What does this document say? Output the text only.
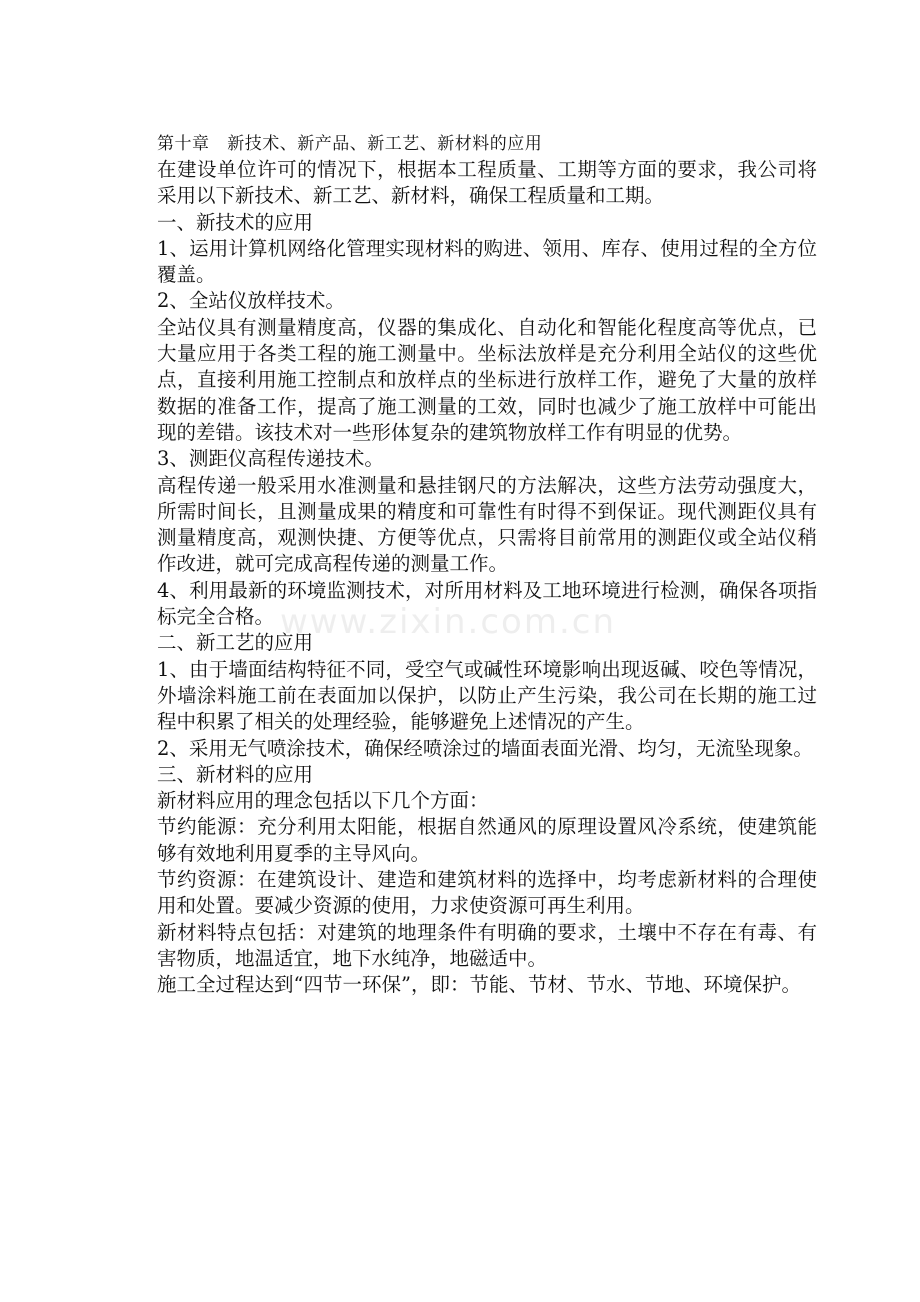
第十章   新技术、新产品、新工艺、新材料的应用

在建设单位许可的情况下，根据本工程质量、工期等方面的要求，我公司将采用以下新技术、新工艺、新材料，确保工程质量和工期。

一、新技术的应用

1、运用计算机网络化管理实现材料的购进、领用、库存、使用过程的全方位覆盖。

2、全站仪放样技术。

全站仪具有测量精度高，仪器的集成化、自动化和智能化程度高等优点，已大量应用于各类工程的施工测量中。坐标法放样是充分利用全站仪的这些优点，直接利用施工控制点和放样点的坐标进行放样工作，避免了大量的放样数据的准备工作，提高了施工测量的工效，同时也减少了施工放样中可能出现的差错。该技术对一些形体复杂的建筑物放样工作有明显的优势。

3、测距仪高程传递技术。

高程传递一般采用水准测量和悬挂钢尺的方法解决，这些方法劳动强度大，所需时间长，且测量成果的精度和可靠性有时得不到保证。现代测距仪具有测量精度高，观测快捷、方便等优点，只需将目前常用的测距仪或全站仪稍作改进，就可完成高程传递的测量工作。

4、利用最新的环境监测技术，对所用材料及工地环境进行检测，确保各项指标完全合格。

二、新工艺的应用

1、由于墙面结构特征不同，受空气或碱性环境影响出现返碱、咬色等情况，外墙涂料施工前在表面加以保护，以防止产生污染，我公司在长期的施工过程中积累了相关的处理经验，能够避免上述情况的产生。

2、采用无气喷涂技术，确保经喷涂过的墙面表面光滑、均匀，无流坠现象。

三、新材料的应用

新材料应用的理念包括以下几个方面：

节约能源：充分利用太阳能，根据自然通风的原理设置风冷系统，使建筑能够有效地利用夏季的主导风向。

节约资源：在建筑设计、建造和建筑材料的选择中，均考虑新材料的合理使用和处置。要减少资源的使用，力求使资源可再生利用。

新材料特点包括：对建筑的地理条件有明确的要求，土壤中不存在有毒、有害物质，地温适宜，地下水纯净，地磁适中。

施工全过程达到“四节一环保”，即：节能、节材、节水、节地、环境保护。

www.zixin.com.cn
